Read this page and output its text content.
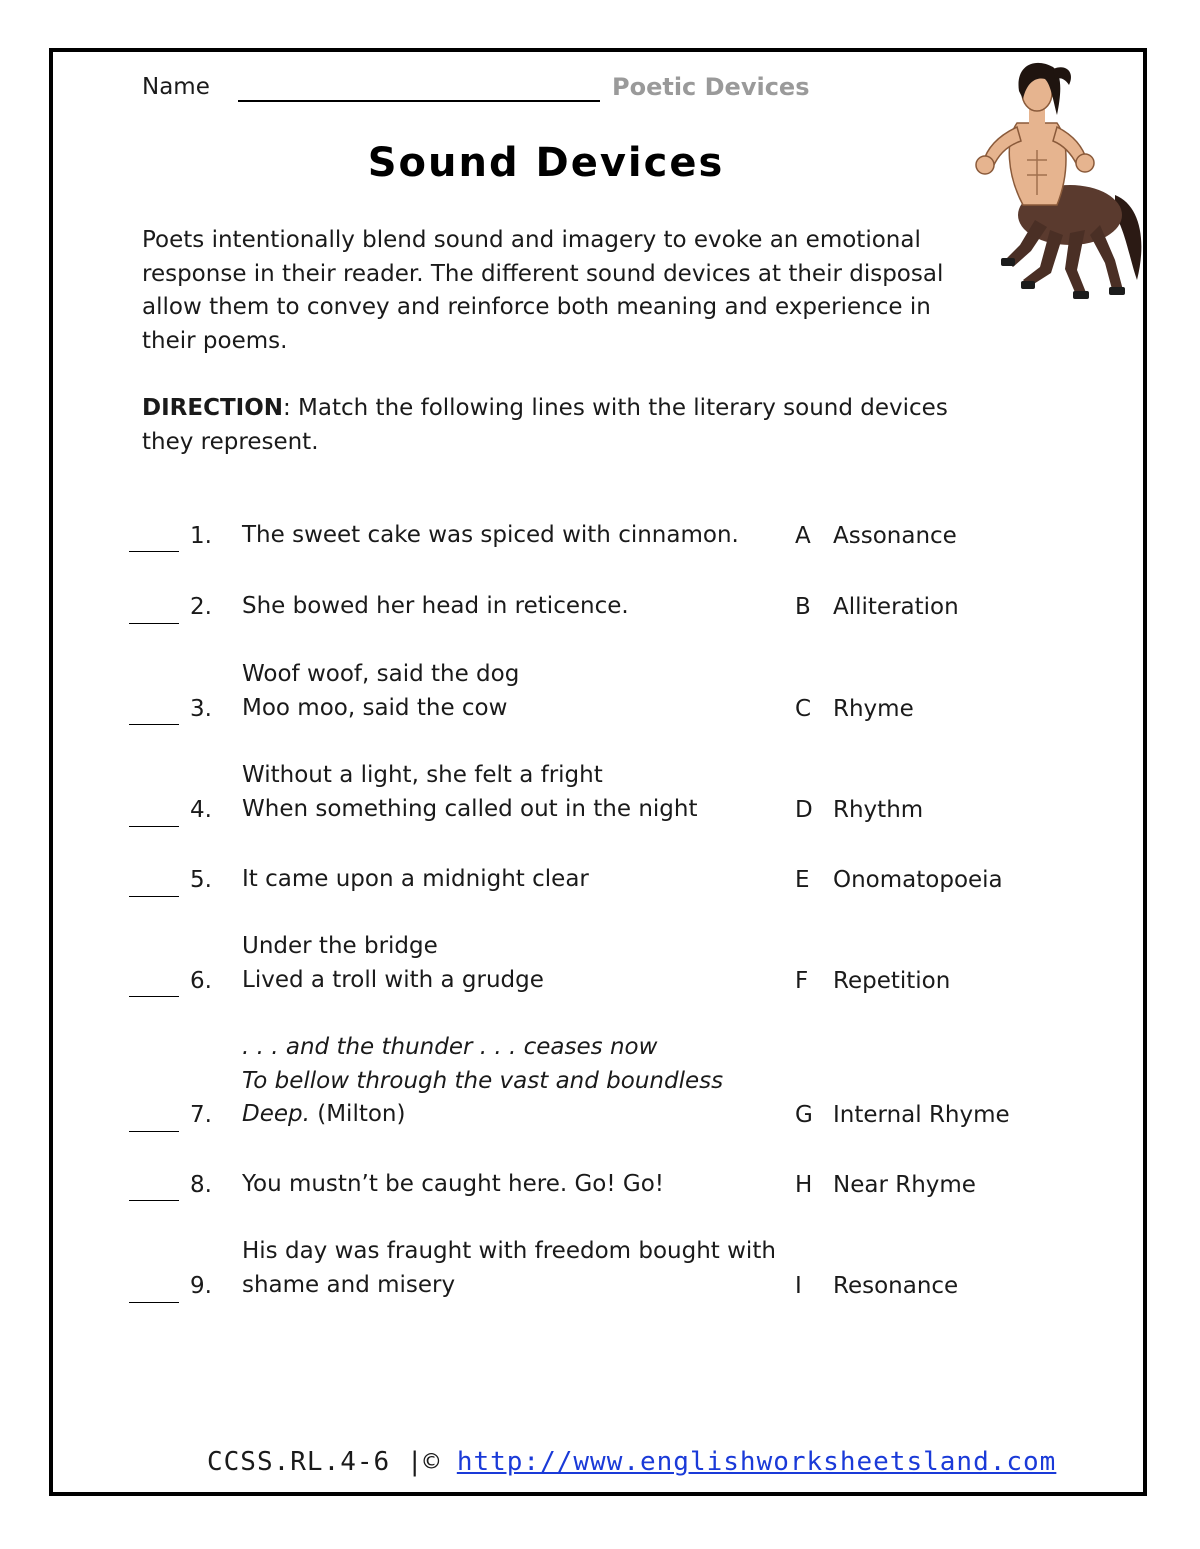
Name	Poetic Devices
Sound Devices
Poets intentionally blend sound and imagery to evoke an emotional response in their reader. The different sound devices at their disposal allow them to convey and reinforce both meaning and experience in their poems.
DIRECTION: Match the following lines with the literary sound devices they represent.
1. The sweet cake was spiced with cinnamon. A Assonance
2. She bowed her head in reticence.	B Alliteration
3.
Woof woof, said the dog
Moo moo, said the cow	C Rhyme
4.
Without a light, she felt a fright
When something called out in the night	D Rhythm
5. It came upon a midnight clear	E Onomatopoeia
6.
Under the bridge
Lived a troll with a grudge	F Repetition
7.
. . . and the thunder . . . ceases now
To bellow through the vast and boundless
Deep. (Milton)	G Internal Rhyme
8. You mustn’t be caught here. Go! Go!	H Near Rhyme
9.
His day was fraught with freedom bought with
shame and misery	I Resonance
CCSS.RL.4-6 |© http://www.englishworksheetsland.com
